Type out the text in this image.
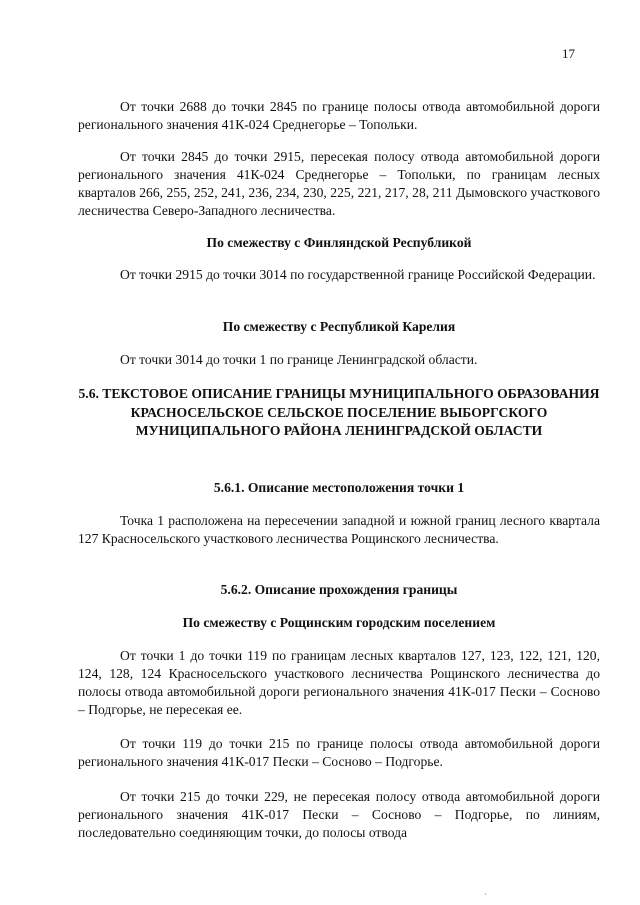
17
От точки 2688 до точки 2845 по границе полосы отвода автомобильной дороги регионального значения 41К-024 Среднегорье – Топольки.
От точки 2845 до точки 2915, пересекая полосу отвода автомобильной дороги регионального значения 41К-024 Среднегорье – Топольки, по границам лесных кварталов 266, 255, 252, 241, 236, 234, 230, 225, 221, 217, 28, 211 Дымовского участкового лесничества Северо-Западного лесничества.
По смежеству с Финляндской Республикой
От точки 2915 до точки 3014 по государственной границе Российской Федерации.
По смежеству с Республикой Карелия
От точки 3014 до точки 1 по границе Ленинградской области.
5.6. ТЕКСТОВОЕ ОПИСАНИЕ ГРАНИЦЫ МУНИЦИПАЛЬНОГО ОБРАЗОВАНИЯ КРАСНОСЕЛЬСКОЕ СЕЛЬСКОЕ ПОСЕЛЕНИЕ ВЫБОРГСКОГО МУНИЦИПАЛЬНОГО РАЙОНА ЛЕНИНГРАДСКОЙ ОБЛАСТИ
5.6.1. Описание местоположения точки 1
Точка 1 расположена на пересечении западной и южной границ лесного квартала 127 Красносельского участкового лесничества Рощинского лесничества.
5.6.2. Описание прохождения границы
По смежеству с Рощинским городским поселением
От точки 1 до точки 119 по границам лесных кварталов 127, 123, 122, 121, 120, 124, 128, 124 Красносельского участкового лесничества Рощинского лесничества до полосы отвода автомобильной дороги регионального значения 41К-017 Пески – Сосново – Подгорье, не пересекая ее.
От точки 119 до точки 215 по границе полосы отвода автомобильной дороги регионального значения 41К-017 Пески – Сосново – Подгорье.
От точки 215 до точки 229, не пересекая полосу отвода автомобильной дороги регионального значения 41К-017 Пески – Сосново – Подгорье, по линиям, последовательно соединяющим точки, до полосы отвода
·
